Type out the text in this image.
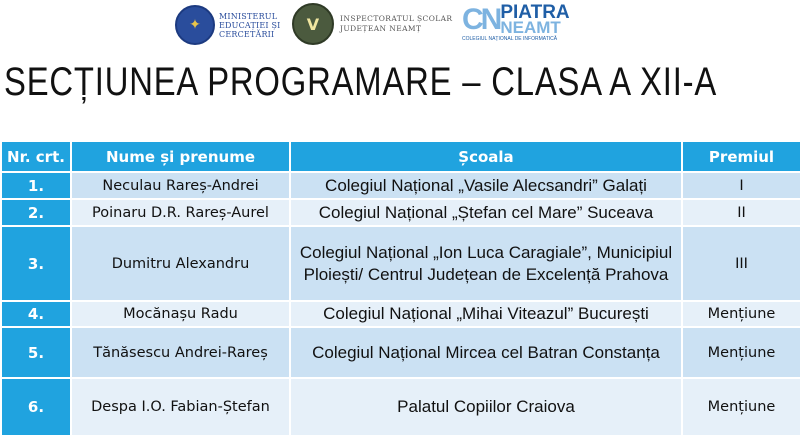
✦
MINISTERUL
EDUCAȚIEI ȘI
CERCETĂRII
V	INSPECTORATUL ȘCOLAR
JUDEȚEAN NEAMȚ	CN PIATRA
NEAMT
COLEGIUL NAȚIONAL DE INFORMATICĂ
SECȚIUNEA PROGRAMARE – CLASA A XII-A
Nr. crt.	Nume și prenume	Școala	Premiul
1.	Neculau Rareș-Andrei	Colegiul Național „Vasile Alecsandri” Galați	I
2.	Poinaru D.R. Rareș-Aurel	Colegiul Național „Ștefan cel Mare” Suceava	II
3.	Dumitru Alexandru	Colegiul Național „Ion Luca Caragiale”, Municipiul Ploiești/ Centrul Județean de Excelență Prahova	III
4.	Mocănașu Radu	Colegiul Național „Mihai Viteazul” București	Mențiune
5.	Tănăsescu Andrei-Rareș	Colegiul Național Mircea cel Batran Constanța	Mențiune
6.	Despa I.O. Fabian-Ștefan	Palatul Copiilor Craiova	Mențiune
